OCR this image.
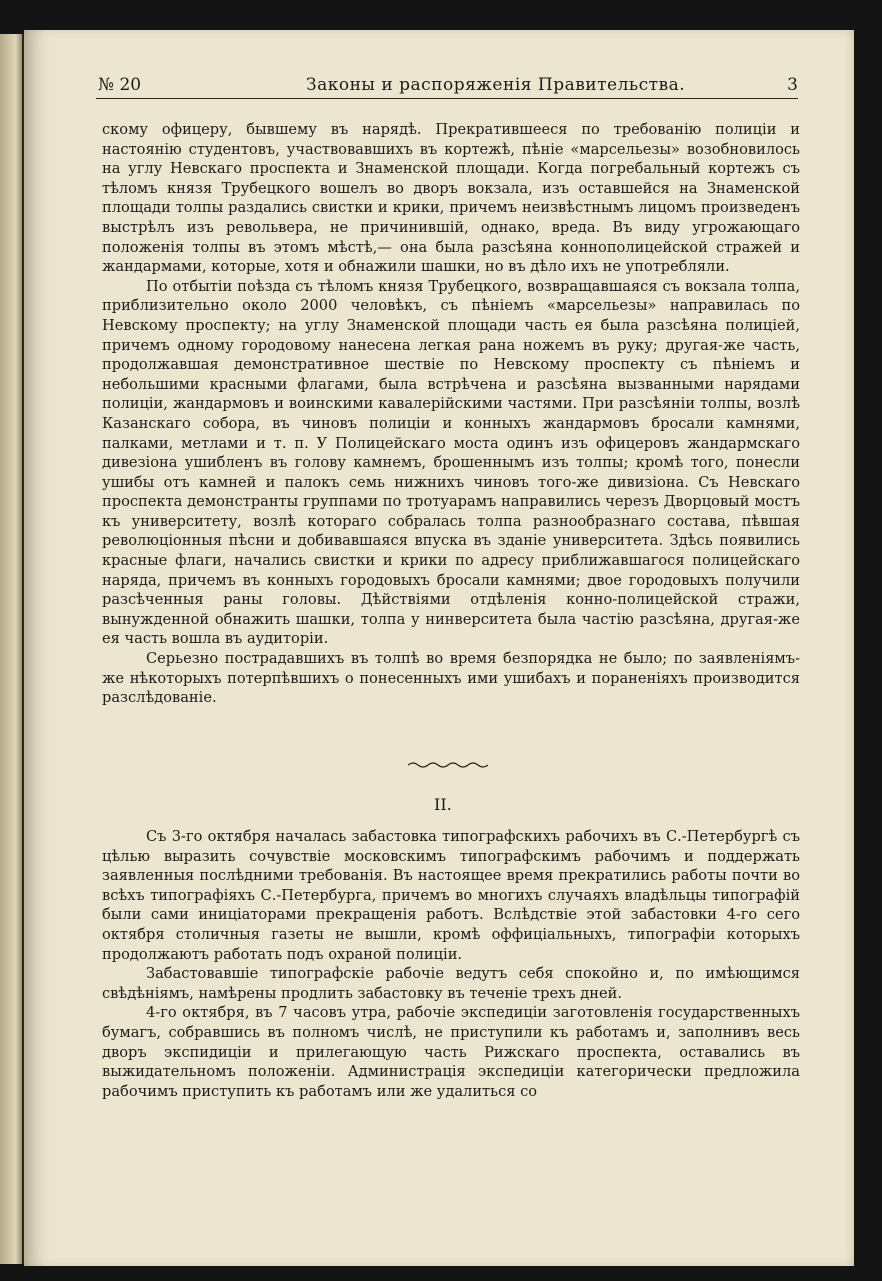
№ 20	Законы и распоряженія Правительства.	3

скому офицеру, бывшему въ нарядѣ. Прекратившееся по требованію полиціи и настоянію студентовъ, участвовавшихъ въ кортежѣ, пѣніе «марсельезы» возобновилось на углу Невскаго проспекта и Знаменской площади. Когда погребальный кортежъ съ тѣломъ князя Трубецкого вошелъ во дворъ вокзала, изъ оставшейся на Знаменской площади толпы раздались свистки и крики, причемъ неизвѣстнымъ лицомъ произведенъ выстрѣлъ изъ револьвера, не причинившій, однако, вреда. Въ виду угрожающаго положенія толпы въ этомъ мѣстѣ,— она была разсѣяна коннополицейской стражей и жандармами, которые, хотя и обнажили шашки, но въ дѣло ихъ не употребляли.

По отбытіи поѣзда съ тѣломъ князя Трубецкого, возвращавшаяся съ вокзала толпа, приблизительно около 2000 человѣкъ, съ пѣніемъ «марсельезы» направилась по Невскому проспекту; на углу Знаменской площади часть ея была разсѣяна полиціей, причемъ одному городовому нанесена легкая рана ножемъ въ руку; другая-же часть, продолжавшая демонстративное шествіе по Невскому проспекту съ пѣніемъ и небольшими красными флагами, была встрѣчена и разсѣяна вызванными нарядами полиціи, жандармовъ и воинскими кавалерійскими частями. При разсѣяніи толпы, возлѣ Казанскаго собора, въ чиновъ полиціи и конныхъ жандармовъ бросали камнями, палками, метлами и т. п. У Полицейскаго моста одинъ изъ офицеровъ жандармскаго дивезіона ушибленъ въ голову камнемъ, брошеннымъ изъ толпы; кромѣ того, понесли ушибы отъ камней и палокъ семь нижнихъ чиновъ того-же дивизіона. Съ Невскаго проспекта демонстранты группами по тротуарамъ направились черезъ Дворцовый мостъ къ университету, возлѣ котораго собралась толпа разнообразнаго состава, пѣвшая революціонныя пѣсни и добивавшаяся впуска въ зданіе университета. Здѣсь появились красные флаги, начались свистки и крики по адресу приближавшагося полицейскаго наряда, причемъ въ конныхъ городовыхъ бросали камнями; двое городовыхъ получили разсѣченныя раны головы. Дѣйствіями отдѣленія конно-полицейской стражи, вынужденной обнажить шашки, толпа у нинверситета была частію разсѣяна, другая-же ея часть вошла въ аудиторіи.

Серьезно пострадавшихъ въ толпѣ во время безпорядка не было; по заявленіямъ-же нѣкоторыхъ потерпѣвшихъ о понесенныхъ ими ушибахъ и пораненіяхъ производится разслѣдованіе.

II.

Съ 3-го октября началась забастовка типографскихъ рабочихъ въ С.-Петербургѣ съ цѣлью выразить сочувствіе московскимъ типографскимъ рабочимъ и поддержать заявленныя послѣдними требованія. Въ настоящее время прекратились работы почти во всѣхъ типографіяхъ С.-Петербурга, причемъ во многихъ случаяхъ владѣльцы типографій были сами иниціаторами прекращенія работъ. Вслѣдствіе этой забастовки 4-го сего октября столичныя газеты не вышли, кромѣ оффиціальныхъ, типографіи которыхъ продолжаютъ работать подъ охраной полиціи.

Забастовавшіе типографскіе рабочіе ведутъ себя спокойно и, по имѣющимся свѣдѣніямъ, намѣрены продлить забастовку въ теченіе трехъ дней.

4-го октября, въ 7 часовъ утра, рабочіе экспедиціи заготовленія государственныхъ бумагъ, собравшись въ полномъ числѣ, не приступили къ работамъ и, заполнивъ весь дворъ экспидиціи и прилегающую часть Рижскаго проспекта, оставались въ выжидательномъ положеніи. Администрація экспедиціи категорически предложила рабочимъ приступить къ работамъ или же удалиться со
